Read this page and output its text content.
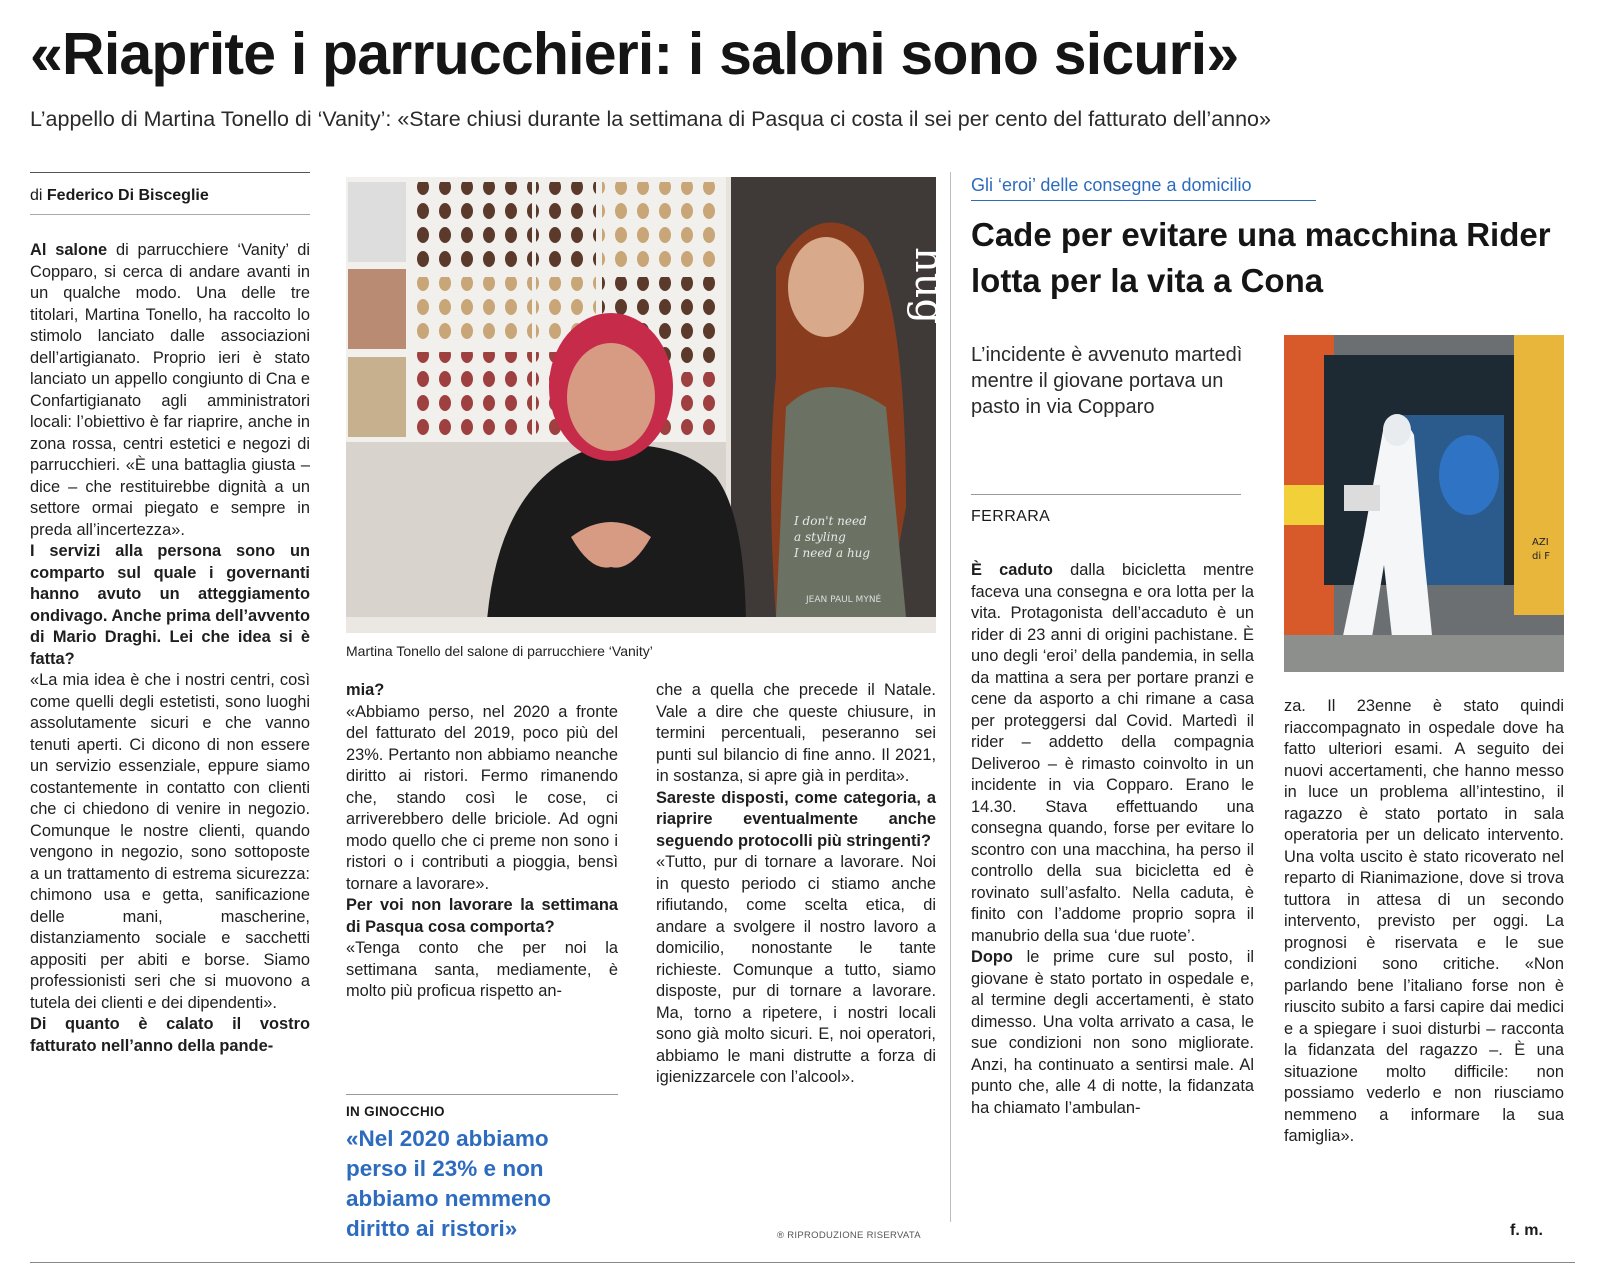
«Riaprite i parrucchieri: i saloni sono sicuri»
L’appello di Martina Tonello di ‘Vanity’: «Stare chiusi durante la settimana di Pasqua ci costa il sei per cento del fatturato dell’anno»
di Federico Di Bisceglie

Al salone di parrucchiere ‘Vanity’ di Copparo, si cerca di andare avanti in un qualche modo. Una delle tre titolari, Martina Tonello, ha raccolto lo stimolo lanciato dalle associazioni dell’artigianato. Proprio ieri è stato lanciato un appello congiunto di Cna e Confartigianato agli amministratori locali: l’obiettivo è far riaprire, anche in zona rossa, centri estetici e negozi di parrucchieri. «È una battaglia giusta – dice – che restituirebbe dignità a un settore ormai piegato e sempre in preda all’incertezza».

I servizi alla persona sono un comparto sul quale i governanti hanno avuto un atteggiamento ondivago. Anche prima dell’avvento di Mario Draghi. Lei che idea si è fatta?

«La mia idea è che i nostri centri, così come quelli degli estetisti, sono luoghi assolutamente sicuri e che vanno tenuti aperti. Ci dicono di non essere un servizio essenziale, eppure siamo costantemente in contatto con clienti che ci chiedono di venire in negozio. Comunque le nostre clienti, quando vengono in negozio, sono sottoposte a un trattamento di estrema sicurezza: chimono usa e getta, sanificazione delle mani, mascherine, distanziamento sociale e sacchetti appositi per abiti e borse. Siamo professionisti seri che si muovono a tutela dei clienti e dei dipendenti».

Di quanto è calato il vostro fatturato nell’anno della pande-

hug
I don't need
a styling
I need a hug
JEAN PAUL MYNÉ
Martina Tonello del salone di parrucchiere ‘Vanity’

mia?

«Abbiamo perso, nel 2020 a fronte del fatturato del 2019, poco più del 23%. Pertanto non abbiamo neanche diritto ai ristori. Fermo rimanendo che, stando così le cose, ci arriverebbero delle briciole. Ad ogni modo quello che ci preme non sono i ristori o i contributi a pioggia, bensì tornare a lavorare».

Per voi non lavorare la settimana di Pasqua cosa comporta?

«Tenga conto che per noi la settimana santa, mediamente, è molto più proficua rispetto an-

IN GINOCCHIO
«Nel 2020 abbiamo perso il 23% e non abbiamo nemmeno diritto ai ristori»

che a quella che precede il Natale. Vale a dire che queste chiusure, in termini percentuali, peseranno sei punti sul bilancio di fine anno. Il 2021, in sostanza, si apre già in perdita».

Sareste disposti, come categoria, a riaprire eventualmente anche seguendo protocolli più stringenti?

«Tutto, pur di tornare a lavorare. Noi in questo periodo ci stiamo anche rifiutando, come scelta etica, di andare a svolgere il nostro lavoro a domicilio, nonostante le tante richieste. Comunque a tutto, siamo disposte, pur di tornare a lavorare. Ma, torno a ripetere, i nostri locali sono già molto sicuri. E, noi operatori, abbiamo le mani distrutte a forza di igienizzarcele con l’alcool».

® RIPRODUZIONE RISERVATA
Gli ‘eroi’ delle consegne a domicilio
Cade per evitare una macchina Rider lotta per la vita a Cona
L’incidente è avvenuto martedì mentre il giovane portava un pasto in via Copparo
FERRARA
AZI
di F

È caduto dalla bicicletta mentre faceva una consegna e ora lotta per la vita. Protagonista dell’accaduto è un rider di 23 anni di origini pachistane. È uno degli ‘eroi’ della pandemia, in sella da mattina a sera per portare pranzi e cene da asporto a chi rimane a casa per proteggersi dal Covid. Martedì il rider – addetto della compagnia Deliveroo – è rimasto coinvolto in un incidente in via Copparo. Erano le 14.30. Stava effettuando una consegna quando, forse per evitare lo scontro con una macchina, ha perso il controllo della sua bicicletta ed è rovinato sull’asfalto. Nella caduta, è finito con l’addome proprio sopra il manubrio della sua ‘due ruote’.

Dopo le prime cure sul posto, il giovane è stato portato in ospedale e, al termine degli accertamenti, è stato dimesso. Una volta arrivato a casa, le sue condizioni non sono migliorate. Anzi, ha continuato a sentirsi male. Al punto che, alle 4 di notte, la fidanzata ha chiamato l’ambulan-

za. Il 23enne è stato quindi riaccompagnato in ospedale dove ha fatto ulteriori esami. A seguito dei nuovi accertamenti, che hanno messo in luce un problema all’intestino, il ragazzo è stato portato in sala operatoria per un delicato intervento. Una volta uscito è stato ricoverato nel reparto di Rianimazione, dove si trova tuttora in attesa di un secondo intervento, previsto per oggi. La prognosi è riservata e le sue condizioni sono critiche. «Non parlando bene l’italiano forse non è riuscito subito a farsi capire dai medici e a spiegare i suoi disturbi – racconta la fidanzata del ragazzo –. È una situazione molto difficile: non possiamo vederlo e non riusciamo nemmeno a informare la sua famiglia».

f. m.
